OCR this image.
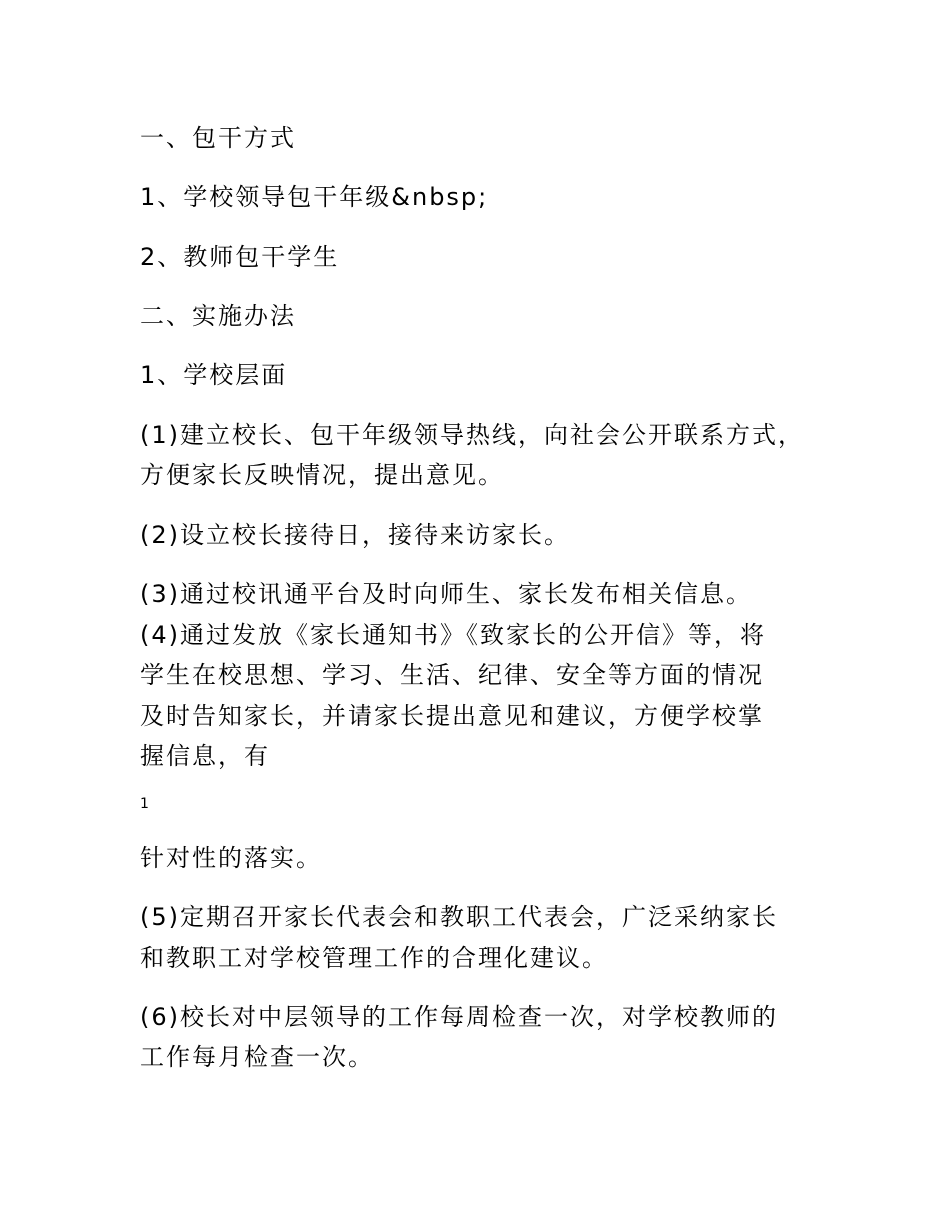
一、包干方式
1、学校领导包干年级&nbsp;
2、教师包干学生
二、实施办法
1、学校层面
(1)建立校长、包干年级领导热线，向社会公开联系方式，
方便家长反映情况，提出意见。
(2)设立校长接待日，接待来访家长。
(3)通过校讯通平台及时向师生、家长发布相关信息。
(4)通过发放《家长通知书》《致家长的公开信》等，将
学生在校思想、学习、生活、纪律、安全等方面的情况
及时告知家长，并请家长提出意见和建议，方便学校掌
握信息，有
1
针对性的落实。
(5)定期召开家长代表会和教职工代表会，广泛采纳家长
和教职工对学校管理工作的合理化建议。
(6)校长对中层领导的工作每周检查一次，对学校教师的
工作每月检查一次。
